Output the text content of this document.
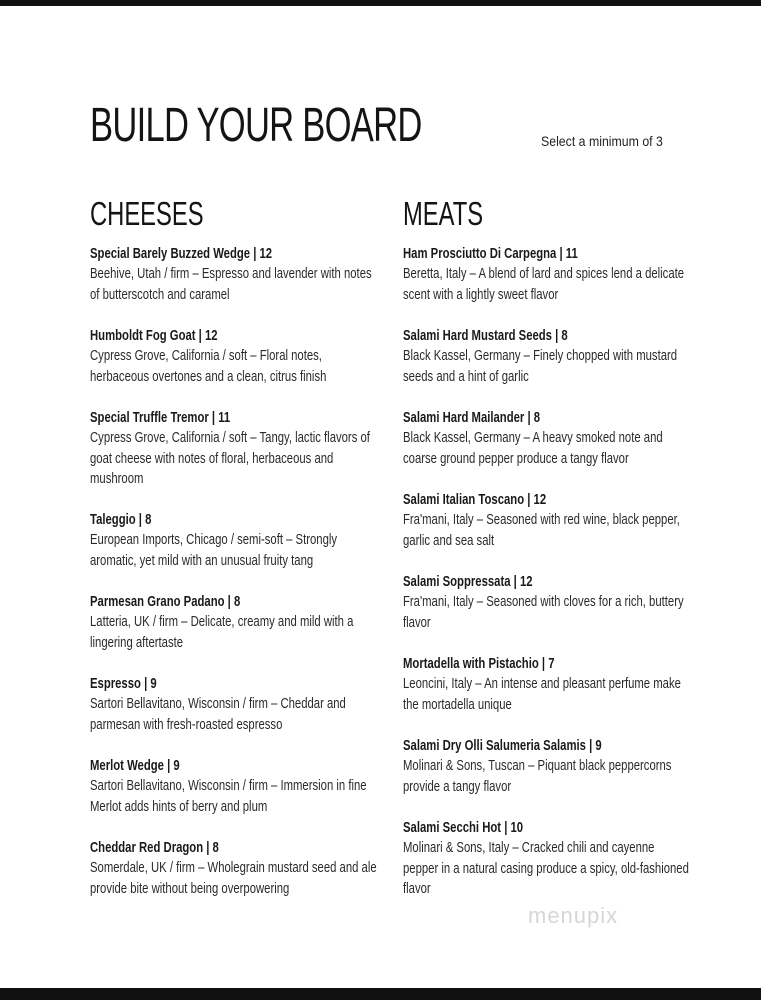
BUILD YOUR BOARD	Select a minimum of 3
CHEESES
Special Barely Buzzed Wedge | 12
Beehive, Utah / firm – Espresso and lavender with notes of butterscotch and caramel
Humboldt Fog Goat | 12
Cypress Grove, California / soft – Floral notes, herbaceous overtones and a clean, citrus finish
Special Truffle Tremor | 11
Cypress Grove, California / soft – Tangy, lactic flavors of goat cheese with notes of floral, herbaceous and mushroom
Taleggio | 8
European Imports, Chicago / semi-soft – Strongly aromatic, yet mild with an unusual fruity tang
Parmesan Grano Padano | 8
Latteria, UK / firm – Delicate, creamy and mild with a lingering aftertaste
Espresso | 9
Sartori Bellavitano, Wisconsin / firm – Cheddar and parmesan with fresh-roasted espresso
Merlot Wedge | 9
Sartori Bellavitano, Wisconsin / firm – Immersion in fine Merlot adds hints of berry and plum
Cheddar Red Dragon | 8
Somerdale, UK / firm – Wholegrain mustard seed and ale provide bite without being overpowering
MEATS
Ham Prosciutto Di Carpegna | 11
Beretta, Italy – A blend of lard and spices lend a delicate scent with a lightly sweet flavor
Salami Hard Mustard Seeds | 8
Black Kassel, Germany – Finely chopped with mustard seeds and a hint of garlic
Salami Hard Mailander | 8
Black Kassel, Germany – A heavy smoked note and coarse ground pepper produce a tangy flavor
Salami Italian Toscano | 12
Fra'mani, Italy – Seasoned with red wine, black pepper, garlic and sea salt
Salami Soppressata | 12
Fra'mani, Italy – Seasoned with cloves for a rich, buttery flavor
Mortadella with Pistachio | 7
Leoncini, Italy – An intense and pleasant perfume make the mortadella unique
Salami Dry Olli Salumeria Salamis | 9
Molinari & Sons, Tuscan – Piquant black peppercorns provide a tangy flavor
Salami Secchi Hot | 10
Molinari & Sons, Italy – Cracked chili and cayenne pepper in a natural casing produce a spicy, old-fashioned flavor
menupix
